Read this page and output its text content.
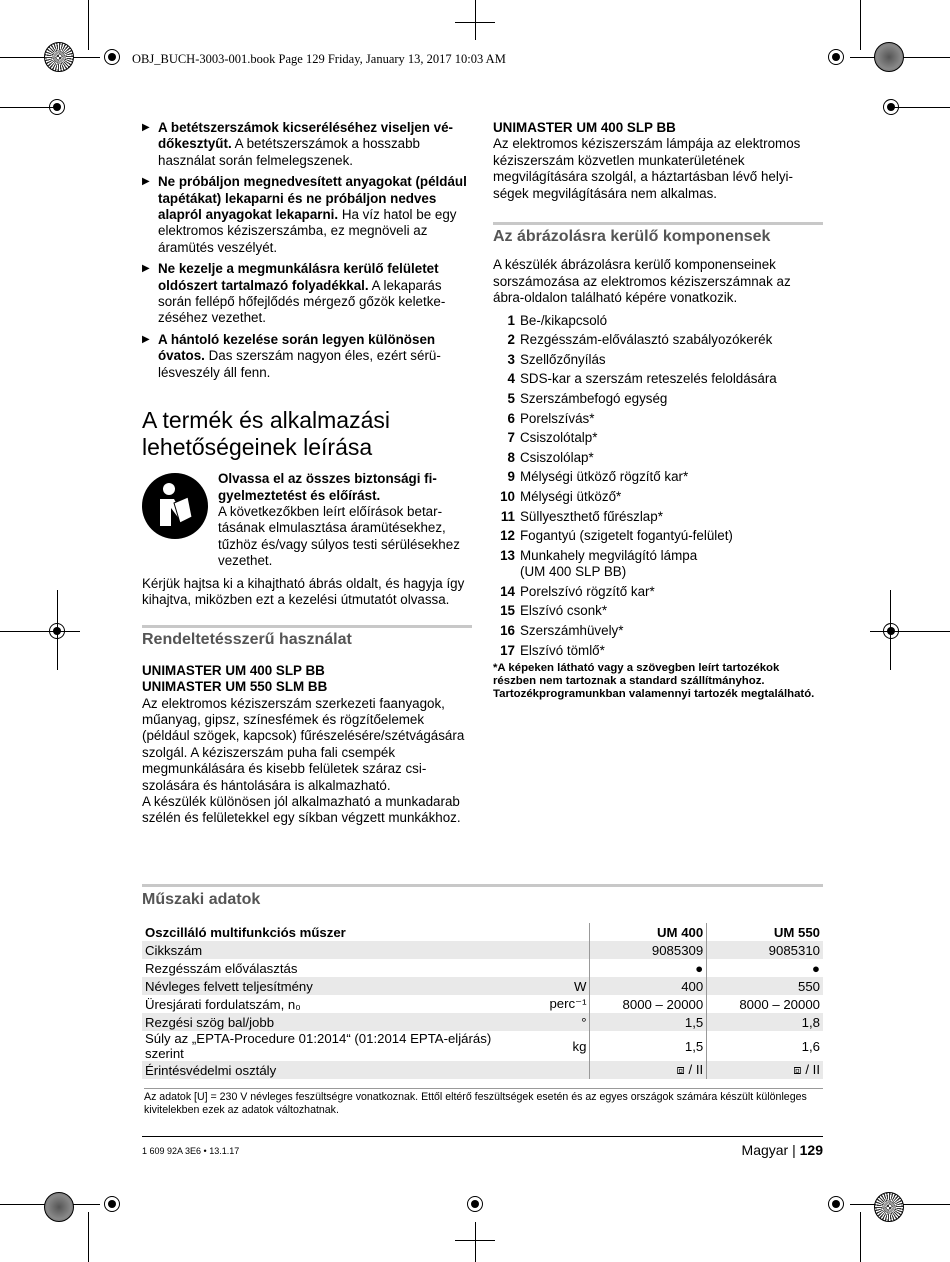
OBJ_BUCH-3003-001.book Page 129 Friday, January 13, 2017 10:03 AM
▶ A betétszerszámok kicseréléséhez viseljen védőkesztyűt. A betétszerszámok a hosszabb használat során felmelegszenek.
▶ Ne próbáljon megnedvesített anyagokat (például tapétákat) lekaparni és ne próbáljon nedves alapról anyagokat lekaparni. Ha víz hatol be egy elektromos kéziszerszámba, ez megnöveli az áramütés veszélyét.
▶ Ne kezelje a megmunkálásra kerülő felületet oldószert tartalmazó folyadékkal. A lekaparás során fellépő hőfejlődés mérgező gőzök keletkezéséhez vezethet.
▶ A hántoló kezelése során legyen különösen óvatos. Das szerszám nagyon éles, ezért sérülésveszély áll fenn.
A termék és alkalmazási lehetőségeinek leírása
Olvassa el az összes biztonsági figyelmeztetést és előírást.
A következőkben leírt előírások betartásának elmulasztása áramütésekhez, tűzhöz és/vagy súlyos testi sérülésekhez vezethet.

Kérjük hajtsa ki a kihajtható ábrás oldalt, és hagyja így kihajtva, miközben ezt a kezelési útmutatót olvassa.

Rendeltetésszerű használat
UNIMASTER UM 400 SLP BB
UNIMASTER UM 550 SLM BB
Az elektromos kéziszerszám szerkezeti faanyagok, műanyag, gipsz, színesfémek és rögzítőelemek (például szögek, kapcsok) fűrészelésére/szétvágására szolgál. A kéziszerszám puha fali csempék megmunkálására és kisebb felületek száraz csiszolására és hántolására is alkalmazható.
A készülék különösen jól alkalmazható a munkadarab szélén és felületekkel egy síkban végzett munkákhoz.
UNIMASTER UM 400 SLP BB
Az elektromos kéziszerszám lámpája az elektromos kéziszerszám közvetlen munkaterületének megvilágítására szolgál, a háztartásban lévő helyiségek megvilágítására nem alkalmas.
Az ábrázolásra kerülő komponensek
A készülék ábrázolásra kerülő komponenseinek sorszámozása az elektromos kéziszerszámnak az ábra-oldalon található képére vonatkozik.
1 Be-/kikapcsoló
2 Rezgésszám-előválasztó szabályozókerék
3 Szellőzőnyílás
4 SDS-kar a szerszám reteszelés feloldására
5 Szerszámbefogó egység
6 Porelszívás*
7 Csiszolótalp*
8 Csiszolólap*
9 Mélységi ütköző rögzítő kar*
10 Mélységi ütköző*
11 Süllyeszthető fűrészlap*
12 Fogantyú (szigetelt fogantyú-felület)
13 Munkahely megvilágító lámpa
(UM 400 SLP BB)
14 Porelszívó rögzítő kar*
15 Elszívó csonk*
16 Szerszámhüvely*
17 Elszívó tömlő*
*A képeken látható vagy a szövegben leírt tartozékok részben nem tartoznak a standard szállítmányhoz. Tartozékprogramunkban valamennyi tartozék megtalálható.
Műszaki adatok
Oszcilláló multifunkciós műszer		UM 400	UM 550
Cikkszám		9085309	9085310
Rezgésszám előválasztás		●	●
Névleges felvett teljesítmény	W	400	550
Üresjárati fordulatszám, n₀	perc⁻¹	8000 – 20000	8000 – 20000
Rezgési szög bal/jobb	°	1,5	1,8
Súly az „EPTA-Procedure 01:2014“ (01:2014 EPTA-eljárás) szerint	kg	1,5	1,6
Érintésvédelmi osztály		⧈ / II	⧈ / II
Az adatok [U] = 230 V névleges feszültségre vonatkoznak. Ettől eltérő feszültségek esetén és az egyes országok számára készült különleges kivitelekben ezek az adatok változhatnak.
1 609 92A 3E6 • 13.1.17	Magyar | 129
